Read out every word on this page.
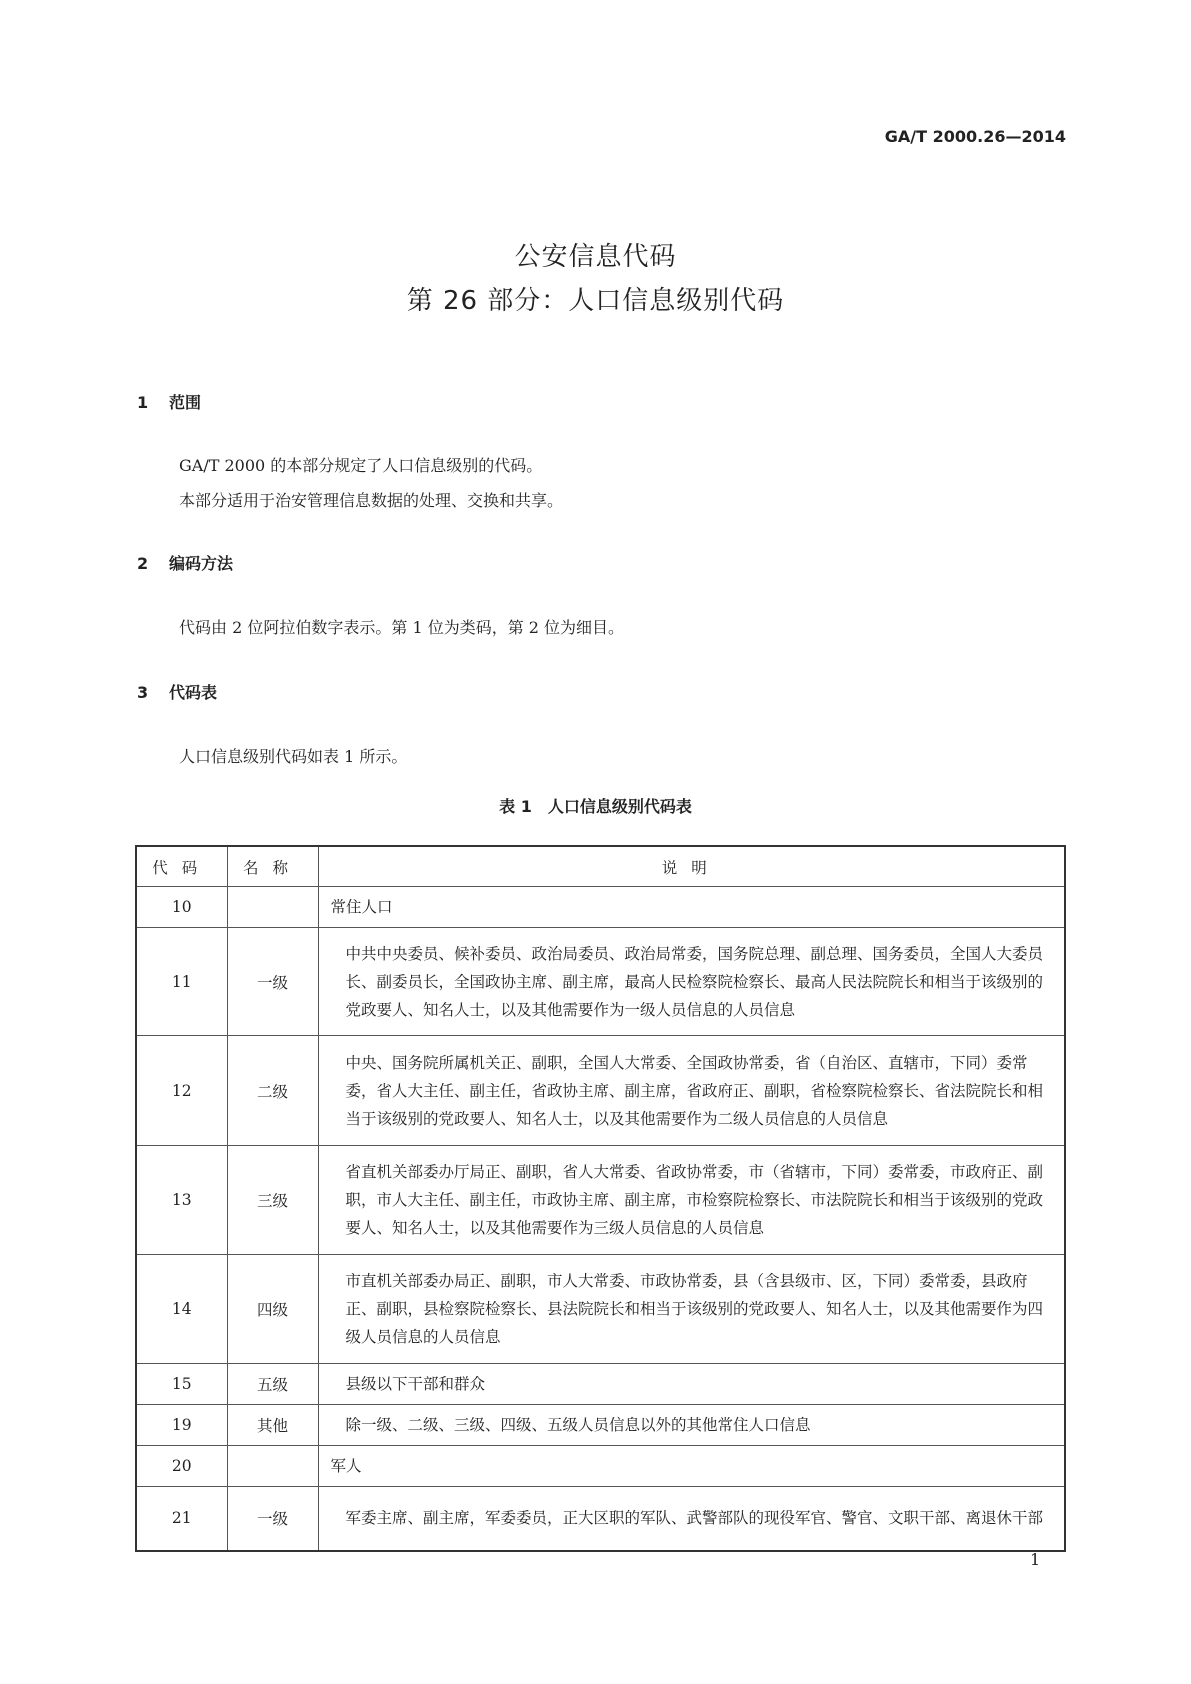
GA/T 2000.26—2014
公安信息代码
第 26 部分：人口信息级别代码
1 范围
GA/T 2000 的本部分规定了人口信息级别的代码。
本部分适用于治安管理信息数据的处理、交换和共享。
2 编码方法
代码由 2 位阿拉伯数字表示。第 1 位为类码，第 2 位为细目。
3 代码表
人口信息级别代码如表 1 所示。
表 1　人口信息级别代码表
代码	名称	说明
10		常住人口
11	一级	中共中央委员、候补委员、政治局委员、政治局常委，国务院总理、副总理、国务委员，全国人大委员长、副委员长，全国政协主席、副主席，最高人民检察院检察长、最高人民法院院长和相当于该级别的党政要人、知名人士，以及其他需要作为一级人员信息的人员信息
12	二级	中央、国务院所属机关正、副职，全国人大常委、全国政协常委，省（自治区、直辖市，下同）委常委，省人大主任、副主任，省政协主席、副主席，省政府正、副职，省检察院检察长、省法院院长和相当于该级别的党政要人、知名人士，以及其他需要作为二级人员信息的人员信息
13	三级	省直机关部委办厅局正、副职，省人大常委、省政协常委，市（省辖市，下同）委常委，市政府正、副职，市人大主任、副主任，市政协主席、副主席，市检察院检察长、市法院院长和相当于该级别的党政要人、知名人士，以及其他需要作为三级人员信息的人员信息
14	四级	市直机关部委办局正、副职，市人大常委、市政协常委，县（含县级市、区，下同）委常委，县政府正、副职，县检察院检察长、县法院院长和相当于该级别的党政要人、知名人士，以及其他需要作为四级人员信息的人员信息
15	五级	县级以下干部和群众
19	其他	除一级、二级、三级、四级、五级人员信息以外的其他常住人口信息
20		军人
21	一级	军委主席、副主席，军委委员，正大区职的军队、武警部队的现役军官、警官、文职干部、离退休干部
1
